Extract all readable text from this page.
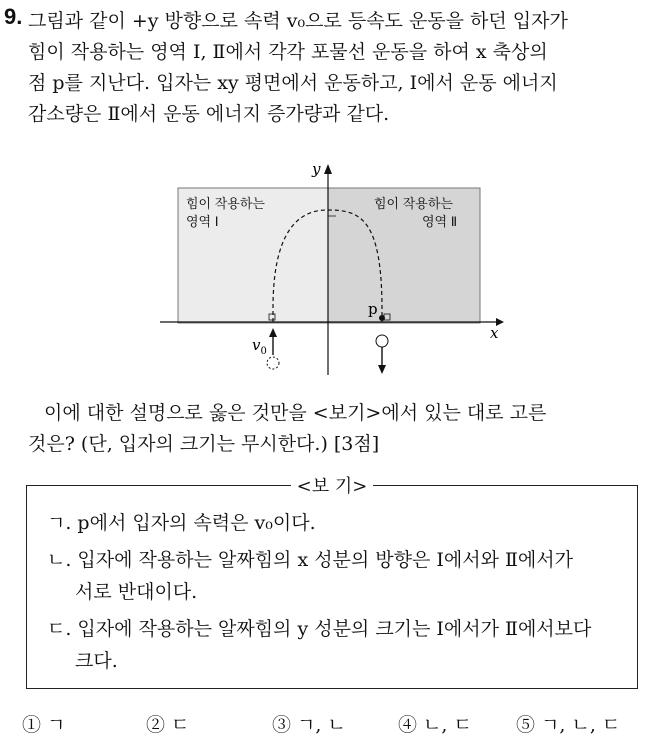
9. 그림과 같이 +y 방향으로 속력 v₀으로 등속도 운동을 하던 입자가

힘이 작용하는 영역 Ⅰ, Ⅱ에서 각각 포물선 운동을 하여 x 축상의

점 p를 지난다. 입자는 xy 평면에서 운동하고, Ⅰ에서 운동 에너지

감소량은 Ⅱ에서 운동 에너지 증가량과 같다.

x
y
힘이 작용하는
영역 Ⅰ
힘이 작용하는
영역 Ⅱ
p
$v_0$

이에 대한 설명으로 옳은 것만을 <보기>에서 있는 대로 고른

것은? (단, 입자의 크기는 무시한다.) [3점]

<보 기>
ㄱ. p에서 입자의 속력은 v₀이다.
ㄴ. 입자에 작용하는 알짜힘의 x 성분의 방향은 Ⅰ에서와 Ⅱ에서가
서로 반대이다.
ㄷ. 입자에 작용하는 알짜힘의 y 성분의 크기는 Ⅰ에서가 Ⅱ에서보다
크다.
① ㄱ	② ㄷ	③ ㄱ, ㄴ	④ ㄴ, ㄷ ⑤ ㄱ, ㄴ, ㄷ
